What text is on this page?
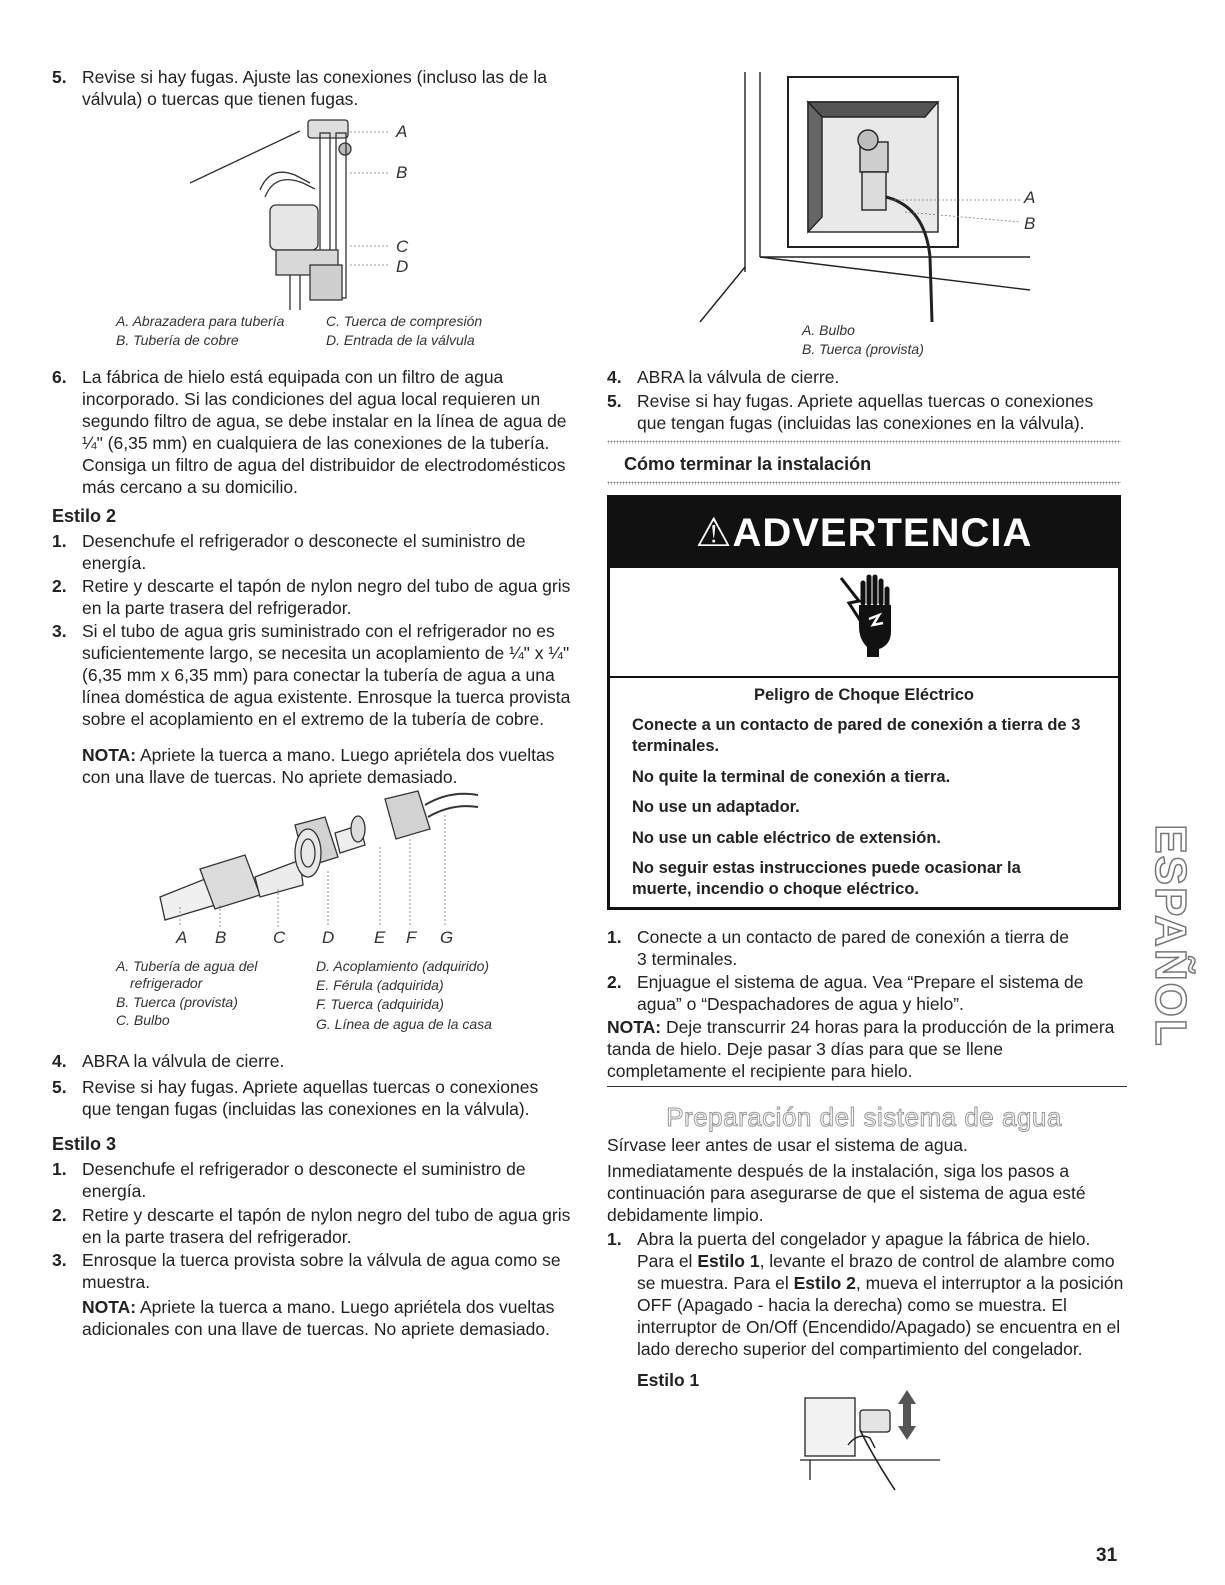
5. Revise si hay fugas. Ajuste las conexiones (incluso las de la válvula) o tuercas que tienen fugas.
A
B
C
D
A. Abrazadera para tubería
B. Tubería de cobre
C. Tuerca de compresión
D. Entrada de la válvula
6. La fábrica de hielo está equipada con un filtro de agua incorporado. Si las condiciones del agua local requieren un segundo filtro de agua, se debe instalar en la línea de agua de ¼" (6,35 mm) en cualquiera de las conexiones de la tubería. Consiga un filtro de agua del distribuidor de electrodomésticos más cercano a su domicilio.
Estilo 2
1. Desenchufe el refrigerador o desconecte el suministro de energía.
2. Retire y descarte el tapón de nylon negro del tubo de agua gris en la parte trasera del refrigerador.
3. Si el tubo de agua gris suministrado con el refrigerador no es suficientemente largo, se necesita un acoplamiento de ¼" x ¼" (6,35 mm x 6,35 mm) para conectar la tubería de agua a una línea doméstica de agua existente. Enrosque la tuerca provista sobre el acoplamiento en el extremo de la tubería de cobre.
NOTA: Apriete la tuerca a mano. Luego apriétela dos vueltas con una llave de tuercas. No apriete demasiado.
A B	C D E F G
A. Tubería de agua del
refrigerador
B. Tuerca (provista)
C. Bulbo
D. Acoplamiento (adquirido)
E. Férula (adquirida)
F. Tuerca (adquirida)
G. Línea de agua de la casa
4. ABRA la válvula de cierre.
5. Revise si hay fugas. Apriete aquellas tuercas o conexiones que tengan fugas (incluidas las conexiones en la válvula).
Estilo 3
1. Desenchufe el refrigerador o desconecte el suministro de energía.
2. Retire y descarte el tapón de nylon negro del tubo de agua gris en la parte trasera del refrigerador.
3. Enrosque la tuerca provista sobre la válvula de agua como se muestra.
NOTA: Apriete la tuerca a mano. Luego apriétela dos vueltas adicionales con una llave de tuercas. No apriete demasiado.
A
B
A. Bulbo
B. Tuerca (provista)
4. ABRA la válvula de cierre.
5. Revise si hay fugas. Apriete aquellas tuercas o conexiones que tengan fugas (incluidas las conexiones en la válvula).
Cómo terminar la instalación
⚠ADVERTENCIA
Peligro de Choque Eléctrico
Conecte a un contacto de pared de conexión a tierra de 3 terminales.
No quite la terminal de conexión a tierra.
No use un adaptador.
No use un cable eléctrico de extensión.
No seguir estas instrucciones puede ocasionar la muerte, incendio o choque eléctrico.
1. Conecte a un contacto de pared de conexión a tierra de 3 terminales.
2. Enjuague el sistema de agua. Vea “Prepare el sistema de agua” o “Despachadores de agua y hielo”.
NOTA: Deje transcurrir 24 horas para la producción de la primera tanda de hielo. Deje pasar 3 días para que se llene completamente el recipiente para hielo.
Preparación del sistema de agua
Sírvase leer antes de usar el sistema de agua.
Inmediatamente después de la instalación, siga los pasos a continuación para asegurarse de que el sistema de agua esté debidamente limpio.
1. Abra la puerta del congelador y apague la fábrica de hielo. Para el Estilo 1, levante el brazo de control de alambre como se muestra. Para el Estilo 2, mueva el interruptor a la posición OFF (Apagado - hacia la derecha) como se muestra. El interruptor de On/Off (Encendido/Apagado) se encuentra en el lado derecho superior del compartimiento del congelador.
Estilo 1
ESPAÑOL
31
